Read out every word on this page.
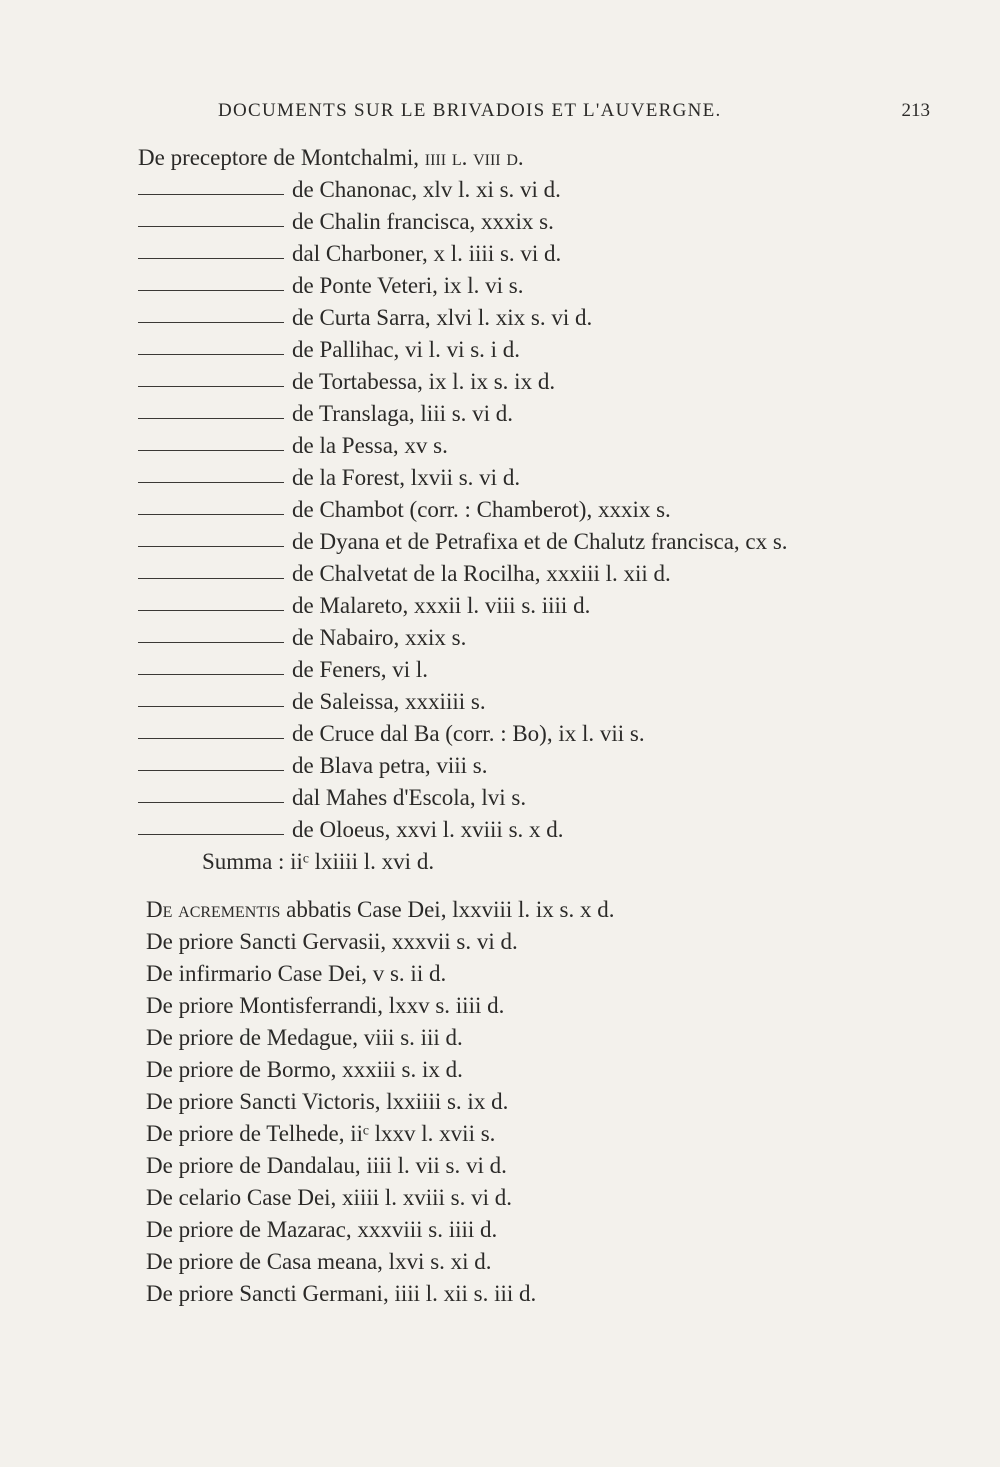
DOCUMENTS SUR LE BRIVADOIS ET L'AUVERGNE.	213
De preceptore de Montchalmi,
iiii l. viii d.
de Chanonac, xlv l. xi s. vi d.
de Chalin francisca, xxxix s.
dal Charboner, x l. iiii s. vi d.
de Ponte Veteri, ix l. vi s.
de Curta Sarra, xlvi l. xix s. vi d.
de Pallihac, vi l. vi s. i d.
de Tortabessa, ix l. ix s. ix d.
de Translaga, liii s. vi d.
de la Pessa, xv s.
de la Forest, lxvii s. vi d.
de Chambot (corr. : Chamberot), xxxix s.
de Dyana et de Petrafixa et de Chalutz francisca, cx s.
de Chalvetat de la Rocilha, xxxiii l. xii d.
de Malareto, xxxii l. viii s. iiii d.
de Nabairo, xxix s.
de Feners, vi l.
de Saleissa, xxxiiii s.
de Cruce dal Ba (corr. : Bo), ix l. vii s.
de Blava petra, viii s.
dal Mahes d'Escola, lvi s.
de Oloeus, xxvi l. xviii s. x d.
Summa : iiᶜ lxiiii l. xvi d.
De acrementis abbatis Case Dei, lxxviii l. ix s. x d.
De priore Sancti Gervasii, xxxvii s. vi d.
De infirmario Case Dei, v s. ii d.
De priore Montisferrandi, lxxv s. iiii d.
De priore de Medague, viii s. iii d.
De priore de Bormo, xxxiii s. ix d.
De priore Sancti Victoris, lxxiiii s. ix d.
De priore de Telhede, iiᶜ lxxv l. xvii s.
De priore de Dandalau, iiii l. vii s. vi d.
De celario Case Dei, xiiii l. xviii s. vi d.
De priore de Mazarac, xxxviii s. iiii d.
De priore de Casa meana, lxvi s. xi d.
De priore Sancti Germani, iiii l. xii s. iii d.
